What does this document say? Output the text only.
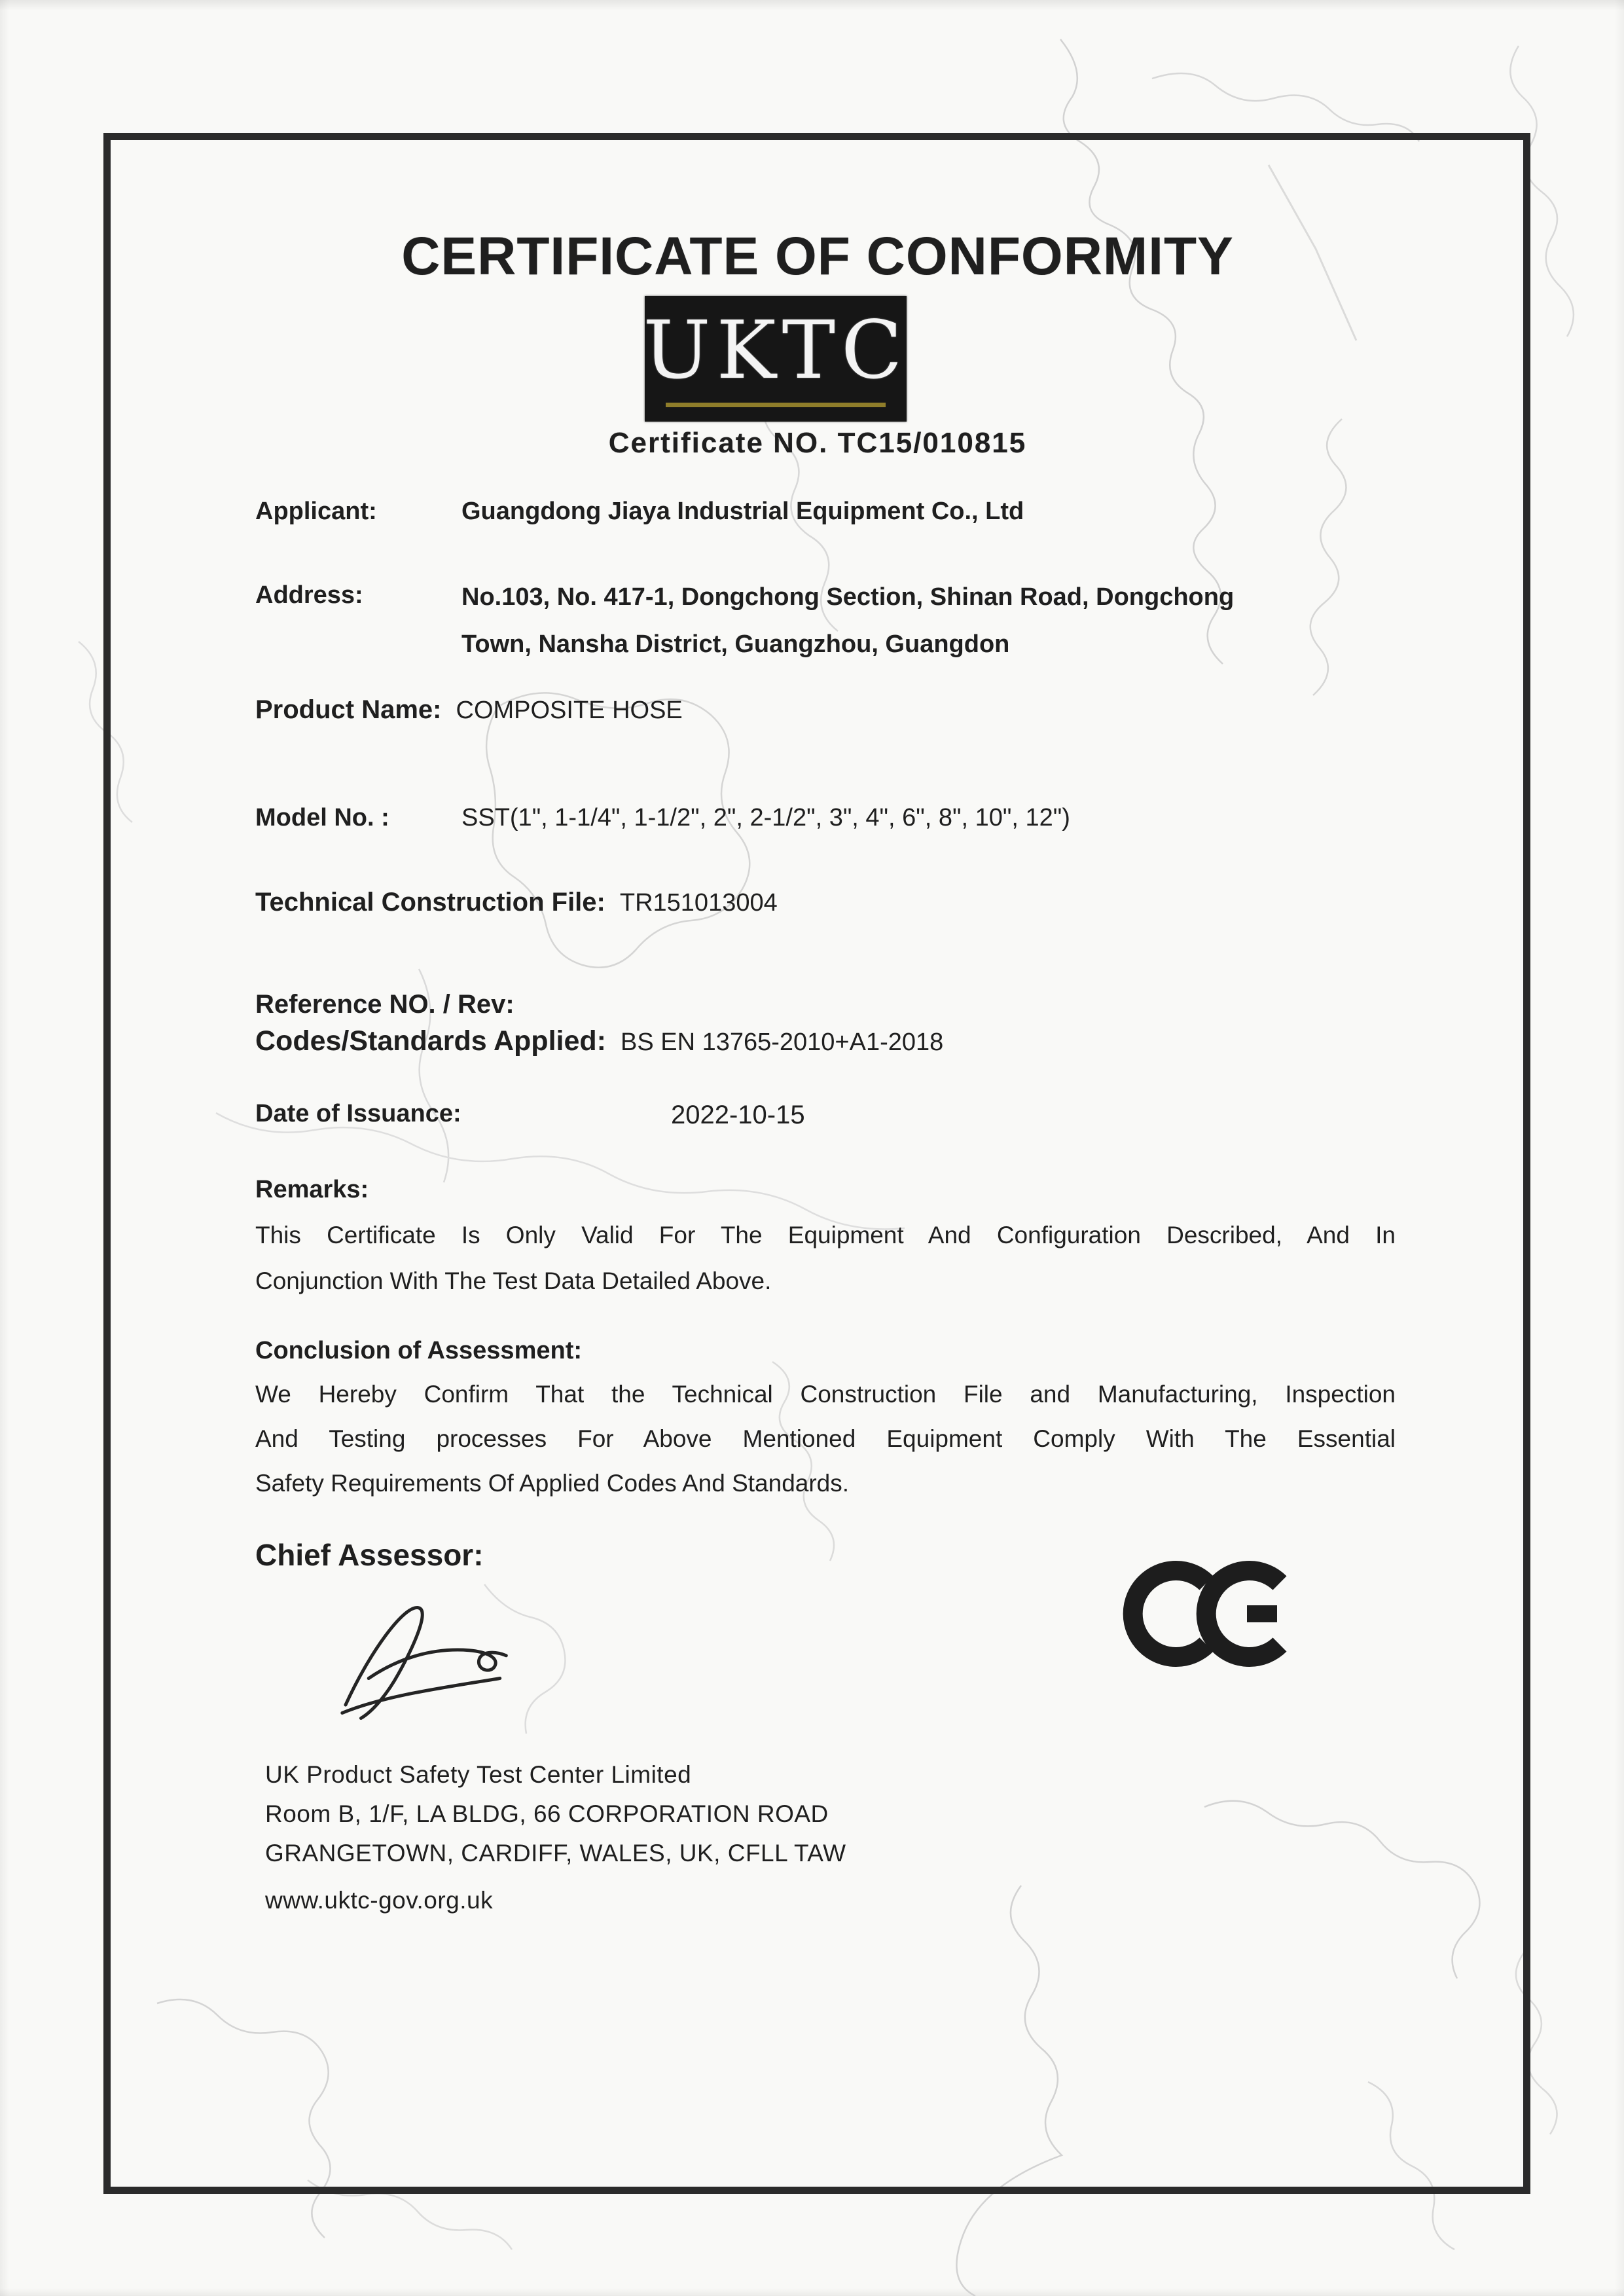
CERTIFICATE OF CONFORMITY
UKTC
Certificate NO. TC15/010815
Applicant:	Guangdong Jiaya Industrial Equipment Co., Ltd
Address:	No.103, No. 417-1, Dongchong Section, Shinan Road, Dongchong
Town, Nansha District, Guangzhou, Guangdon
Product Name: COMPOSITE HOSE
Model No. :	SST(1", 1-1/4", 1-1/2", 2", 2-1/2", 3", 4", 6", 8", 10", 12")
Technical Construction File: TR151013004
Reference NO. / Rev:
Codes/Standards Applied: BS EN 13765-2010+A1-2018
Date of Issuance:	2022-10-15
Remarks:
This Certificate Is Only Valid For The Equipment And Configuration Described, And In
Conjunction With The Test Data Detailed Above.
Conclusion of Assessment:
We Hereby Confirm That the Technical Construction File and Manufacturing, Inspection
And Testing processes For Above Mentioned Equipment Comply With The Essential
Safety Requirements Of Applied Codes And Standards.
Chief Assessor:
UK Product Safety Test Center Limited
Room B, 1/F, LA BLDG, 66 CORPORATION ROAD
GRANGETOWN, CARDIFF, WALES, UK, CFLL TAW
www.uktc-gov.org.uk
